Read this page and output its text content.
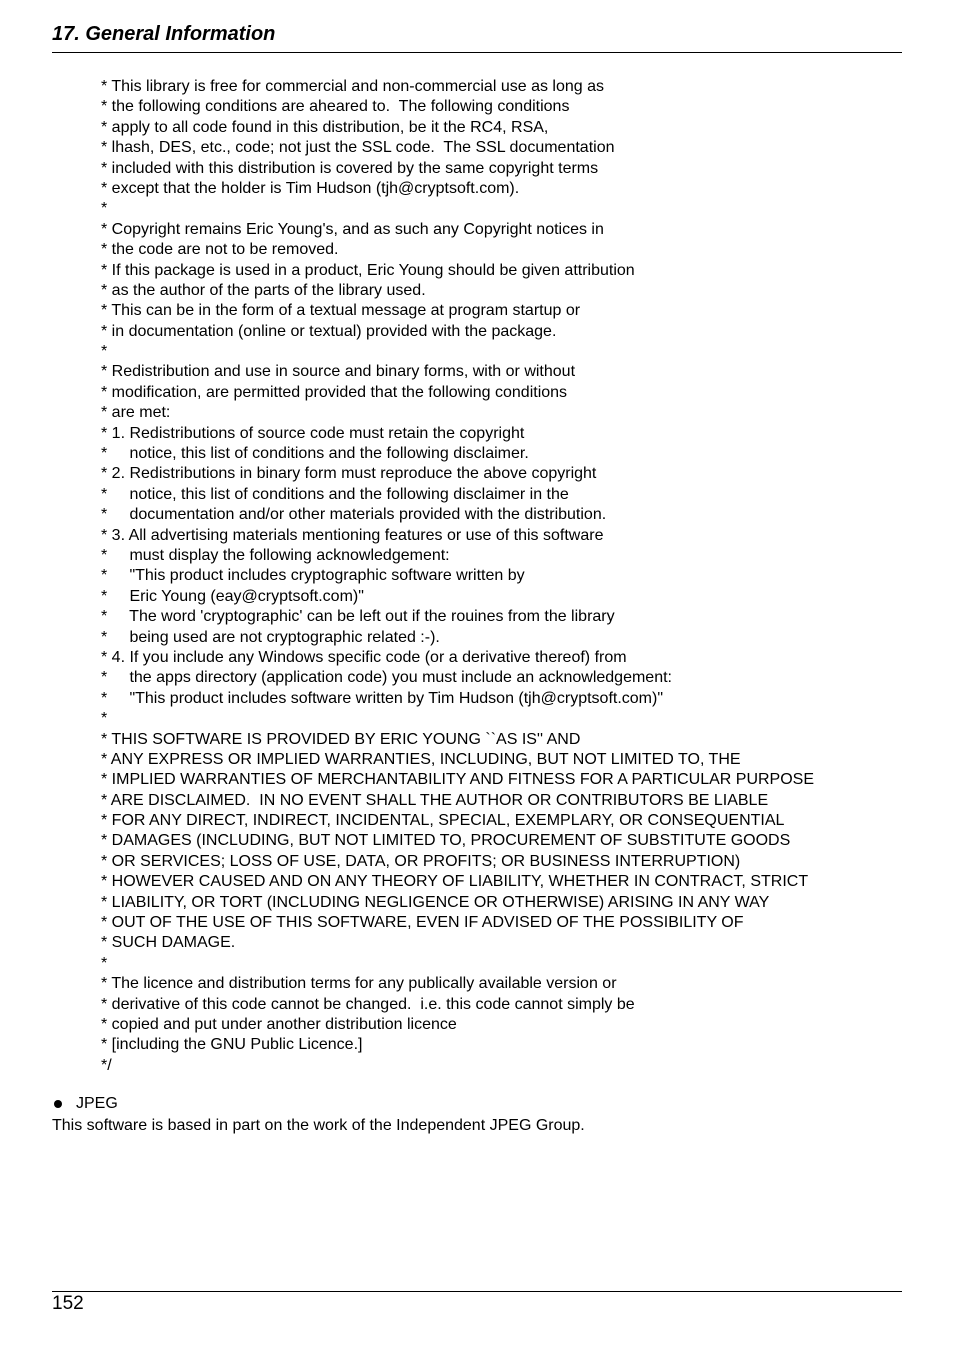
17. General Information
* This library is free for commercial and non-commercial use as long as
* the following conditions are aheared to.  The following conditions
* apply to all code found in this distribution, be it the RC4, RSA,
* lhash, DES, etc., code; not just the SSL code.  The SSL documentation
* included with this distribution is covered by the same copyright terms
* except that the holder is Tim Hudson (tjh@cryptsoft.com).
*
* Copyright remains Eric Young's, and as such any Copyright notices in
* the code are not to be removed.
* If this package is used in a product, Eric Young should be given attribution
* as the author of the parts of the library used.
* This can be in the form of a textual message at program startup or
* in documentation (online or textual) provided with the package.
*
* Redistribution and use in source and binary forms, with or without
* modification, are permitted provided that the following conditions
* are met:
* 1. Redistributions of source code must retain the copyright
*     notice, this list of conditions and the following disclaimer.
* 2. Redistributions in binary form must reproduce the above copyright
*     notice, this list of conditions and the following disclaimer in the
*     documentation and/or other materials provided with the distribution.
* 3. All advertising materials mentioning features or use of this software
*     must display the following acknowledgement:
*     "This product includes cryptographic software written by
*     Eric Young (eay@cryptsoft.com)"
*     The word 'cryptographic' can be left out if the rouines from the library
*     being used are not cryptographic related :-).
* 4. If you include any Windows specific code (or a derivative thereof) from
*     the apps directory (application code) you must include an acknowledgement:
*     "This product includes software written by Tim Hudson (tjh@cryptsoft.com)"
*
* THIS SOFTWARE IS PROVIDED BY ERIC YOUNG ``AS IS'' AND
* ANY EXPRESS OR IMPLIED WARRANTIES, INCLUDING, BUT NOT LIMITED TO, THE
* IMPLIED WARRANTIES OF MERCHANTABILITY AND FITNESS FOR A PARTICULAR PURPOSE
* ARE DISCLAIMED.  IN NO EVENT SHALL THE AUTHOR OR CONTRIBUTORS BE LIABLE
* FOR ANY DIRECT, INDIRECT, INCIDENTAL, SPECIAL, EXEMPLARY, OR CONSEQUENTIAL
* DAMAGES (INCLUDING, BUT NOT LIMITED TO, PROCUREMENT OF SUBSTITUTE GOODS
* OR SERVICES; LOSS OF USE, DATA, OR PROFITS; OR BUSINESS INTERRUPTION)
* HOWEVER CAUSED AND ON ANY THEORY OF LIABILITY, WHETHER IN CONTRACT, STRICT
* LIABILITY, OR TORT (INCLUDING NEGLIGENCE OR OTHERWISE) ARISING IN ANY WAY
* OUT OF THE USE OF THIS SOFTWARE, EVEN IF ADVISED OF THE POSSIBILITY OF
* SUCH DAMAGE.
*
* The licence and distribution terms for any publically available version or
* derivative of this code cannot be changed.  i.e. this code cannot simply be
* copied and put under another distribution licence
* [including the GNU Public Licence.]
*/
JPEG
This software is based in part on the work of the Independent JPEG Group.
152
